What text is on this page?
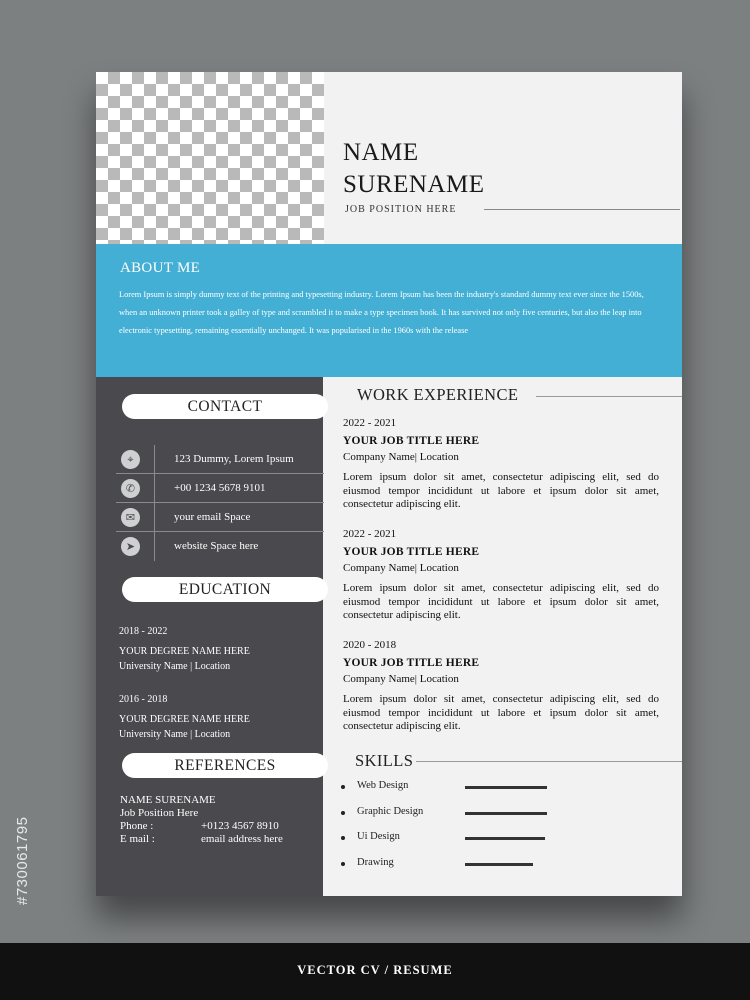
NAME
SURENAME
JOB POSITION HERE
ABOUT ME
Lorem Ipsum is simply dummy text of the printing and typesetting industry. Lorem Ipsum has been the industry's standard dummy text ever since the 1500s, when an unknown printer took a galley of type and scrambled it to make a type specimen book. It has survived not only five centuries, but also the leap into electronic typesetting, remaining essentially unchanged. It was popularised in the 1960s with the release
CONTACT
⌖	123 Dummy, Lorem Ipsum
✆	+00 1234 5678 9101
✉	your email Space
➤	website Space here
EDUCATION
2018 - 2022
YOUR DEGREE NAME HERE
University Name | Location
2016 - 2018
YOUR DEGREE NAME HERE
University Name | Location
REFERENCES
NAME SURENAME
Job Position Here
Phone :	+0123 4567 8910
E mail :	email address here
WORK EXPERIENCE
2022 - 2021
YOUR JOB TITLE HERE
Company Name| Location
Lorem ipsum dolor sit amet, consectetur adipiscing elit, sed do eiusmod tempor incididunt ut labore et ipsum dolor sit amet, consectetur adipiscing elit.
2022 - 2021
YOUR JOB TITLE HERE
Company Name| Location
Lorem ipsum dolor sit amet, consectetur adipiscing elit, sed do eiusmod tempor incididunt ut labore et ipsum dolor sit amet, consectetur adipiscing elit.
2020 - 2018
YOUR JOB TITLE HERE
Company Name| Location
Lorem ipsum dolor sit amet, consectetur adipiscing elit, sed do eiusmod tempor incididunt ut labore et ipsum dolor sit amet, consectetur adipiscing elit.
SKILLS
Web Design
Graphic Design
Ui Design
Drawing
#730061795
VECTOR CV / RESUME
